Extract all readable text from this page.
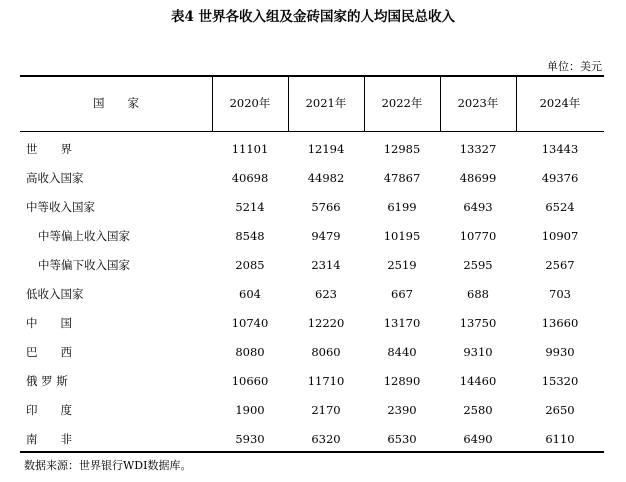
表4 世界各收入组及金砖国家的人均国民总收入
单位：美元
国　　家	2020年	2021年	2022年	2023年	2024年
世　　界	11101	12194	12985	13327	13443
高收入国家	40698	44982	47867	48699	49376
中等收入国家	5214	5766	6199	6493	6524
中等偏上收入国家	8548	9479	10195	10770	10907
中等偏下收入国家	2085	2314	2519	2595	2567
低收入国家	604	623	667	688	703
中　　国	10740	12220	13170	13750	13660
巴　　西	8080	8060	8440	9310	9930
俄 罗 斯	10660	11710	12890	14460	15320
印　　度	1900	2170	2390	2580	2650
南　　非	5930	6320	6530	6490	6110
数据来源：世界银行WDI数据库。
